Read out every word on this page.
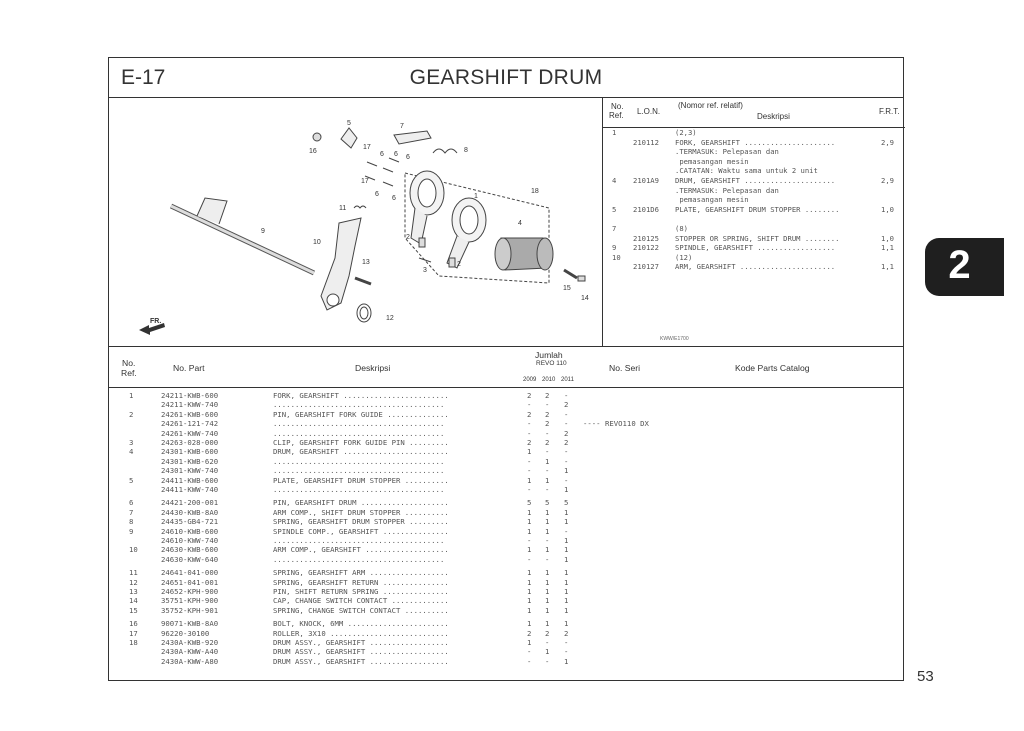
E-17	GEARSHIFT DRUM
5	7
16
17
6 6 6
8
17
6
6
18
1
11
9
10
2
3
2
4
13
15
14
12
No.
Ref. L.O.N.
(Nomor ref. relatif)
Deskripsi
F.R.T.
1	(2,3)
210112 FORK, GEARSHIFT .....................	2,9
.TERMASUK: Pelepasan dan
pemasangan mesin
.CATATAN: Waktu sama untuk 2 unit
4 2101A9 DRUM, GEARSHIFT .....................	2,9
.TERMASUK: Pelepasan dan
pemasangan mesin
5 2101D6 PLATE, GEARSHIFT DRUM STOPPER ........	1,0
7	(8)
210125 STOPPER OR SPRING, SHIFT DRUM ........	1,0
9 210122 SPINDLE, GEARSHIFT ..................	1,1
10	(12)
210127 ARM, GEARSHIFT ......................	1,1
KWW/E1700
No.
Ref.	No. Part	Deskripsi
Jumlah
REVO 110
2009 2010 2011
No. Seri	Kode Parts Catalog
1	24211-KWB-600	FORK, GEARSHIFT ........................	2 2 -
24211-KWW-740	.......................................	- - 2
2	24261-KWB-600	PIN, GEARSHIFT FORK GUIDE ..............	2 2 -
24261-121-742	.......................................	- 2 - ---- REVO110 DX
24261-KWW-740	.......................................	- - 2
3	24263-028-000	CLIP, GEARSHIFT FORK GUIDE PIN .........	2 2 2
4	24301-KWB-600	DRUM, GEARSHIFT ........................	1 - -
24301-KWB-620	.......................................	- 1 -
24301-KWW-740	.......................................	- - 1
5	24411-KWB-600	PLATE, GEARSHIFT DRUM STOPPER ..........	1 1 -
24411-KWW-740	.......................................	- - 1
6	24421-200-001	PIN, GEARSHIFT DRUM ....................	5 5 5
7	24430-KWB-8A0	ARM COMP., SHIFT DRUM STOPPER ..........	1 1 1
8	24435-GB4-721	SPRING, GEARSHIFT DRUM STOPPER .........	1 1 1
9	24610-KWB-600	SPINDLE COMP., GEARSHIFT ...............	1 1 -
24610-KWW-740	.......................................	- - 1
10	24630-KWB-600	ARM COMP., GEARSHIFT ...................	1 1 1
24630-KWW-640	.......................................	- - 1
11	24641-041-000	SPRING, GEARSHIFT ARM ..................	1 1 1
12	24651-041-001	SPRING, GEARSHIFT RETURN ...............	1 1 1
13	24652-KPH-900	PIN, SHIFT RETURN SPRING ...............	1 1 1
14	35751-KPH-900	CAP, CHANGE SWITCH CONTACT .............	1 1 1
15	35752-KPH-901	SPRING, CHANGE SWITCH CONTACT ..........	1 1 1
16	90071-KWB-8A0	BOLT, KNOCK, 6MM .......................	1 1 1
17	96220-30100	ROLLER, 3X10 ...........................	2 2 2
18	2430A-KWB-920	DRUM ASSY., GEARSHIFT ..................	1 - -
2430A-KWW-A40	DRUM ASSY., GEARSHIFT ..................	- 1 -
2430A-KWW-A80	DRUM ASSY., GEARSHIFT ..................	- - 1
FR.
2
53
